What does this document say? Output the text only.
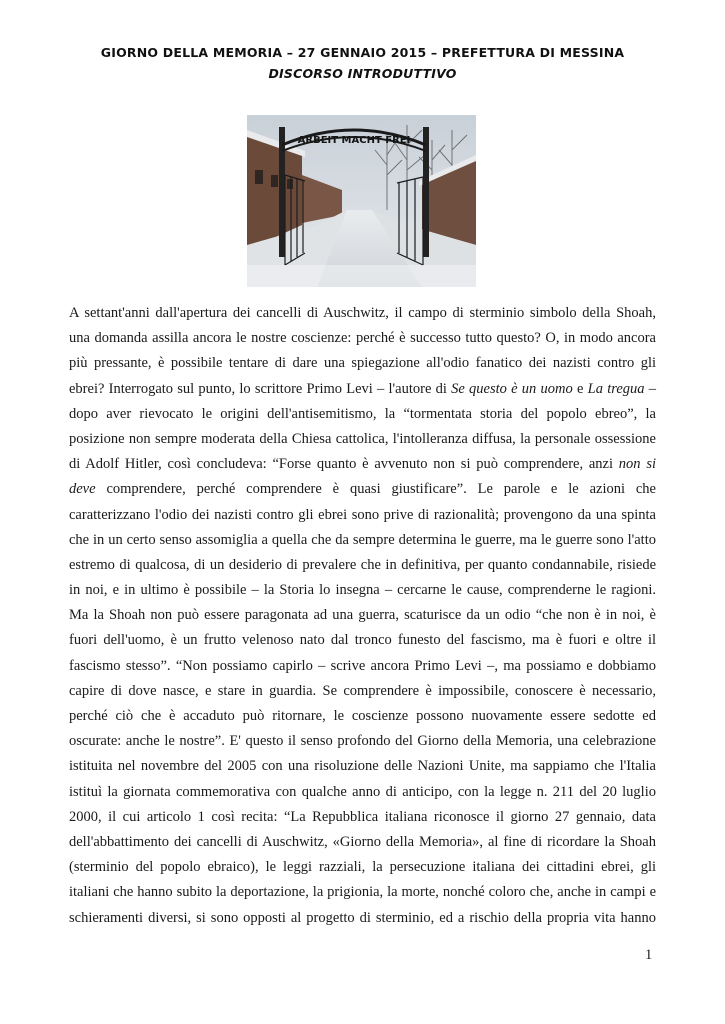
GIORNO DELLA MEMORIA – 27 GENNAIO 2015 – PREFETTURA DI MESSINA
DISCORSO INTRODUTTIVO
ARBEIT MACHT FREI
A settant'anni dall'apertura dei cancelli di Auschwitz, il campo di sterminio simbolo della Shoah,
una domanda assilla ancora le nostre coscienze: perché è successo tutto questo? O, in modo ancora
più pressante, è possibile tentare di dare una spiegazione all'odio fanatico dei nazisti contro gli
ebrei? Interrogato sul punto, lo scrittore Primo Levi – l'autore di Se questo è un uomo e La tregua –
dopo aver rievocato le origini dell'antisemitismo, la “tormentata storia del popolo ebreo”, la
posizione non sempre moderata della Chiesa cattolica, l'intolleranza diffusa, la personale ossessione
di Adolf Hitler, così concludeva: “Forse quanto è avvenuto non si può comprendere, anzi non si
deve comprendere, perché comprendere è quasi giustificare”. Le parole e le azioni che
caratterizzano l'odio dei nazisti contro gli ebrei sono prive di razionalità; provengono da una spinta
che in un certo senso assomiglia a quella che da sempre determina le guerre, ma le guerre sono l'atto
estremo di qualcosa, di un desiderio di prevalere che in definitiva, per quanto condannabile, risiede
in noi, e in ultimo è possibile – la Storia lo insegna – cercarne le cause, comprenderne le ragioni.
Ma la Shoah non può essere paragonata ad una guerra, scaturisce da un odio “che non è in noi, è
fuori dell'uomo, è un frutto velenoso nato dal tronco funesto del fascismo, ma è fuori e oltre il
fascismo stesso”. “Non possiamo capirlo – scrive ancora Primo Levi –, ma possiamo e dobbiamo
capire di dove nasce, e stare in guardia. Se comprendere è impossibile, conoscere è necessario,
perché ciò che è accaduto può ritornare, le coscienze possono nuovamente essere sedotte ed
oscurate: anche le nostre”. E' questo il senso profondo del Giorno della Memoria, una celebrazione
istituita nel novembre del 2005 con una risoluzione delle Nazioni Unite, ma sappiamo che l'Italia
istituì la giornata commemorativa con qualche anno di anticipo, con la legge n. 211 del 20 luglio
2000, il cui articolo 1 così recita: “La Repubblica italiana riconosce il giorno 27 gennaio, data
dell'abbattimento dei cancelli di Auschwitz, «Giorno della Memoria», al fine di ricordare la Shoah
(sterminio del popolo ebraico), le leggi razziali, la persecuzione italiana dei cittadini ebrei, gli
italiani che hanno subito la deportazione, la prigionia, la morte, nonché coloro che, anche in campi e
schieramenti diversi, si sono opposti al progetto di sterminio, ed a rischio della propria vita hanno
1
